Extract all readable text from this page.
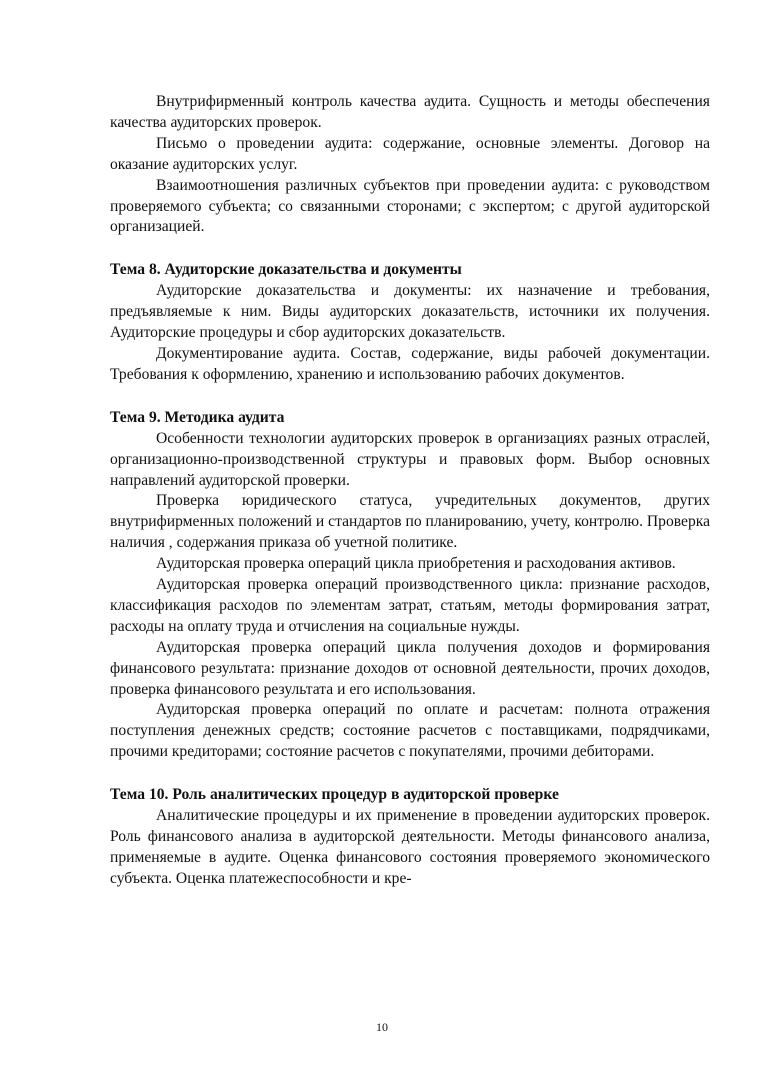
Внутрифирменный контроль качества аудита. Сущность и методы обеспечения качества аудиторских проверок.

Письмо о проведении аудита: содержание, основные элементы. Договор на оказание аудиторских услуг.

Взаимоотношения различных субъектов при проведении аудита: с руководством проверяемого субъекта; со связанными сторонами; с экспертом; с другой аудиторской организацией.

Тема 8. Аудиторские доказательства и документы

Аудиторские доказательства и документы: их назначение и требования, предъявляемые к ним. Виды аудиторских доказательств, источники их получения. Аудиторские процедуры и сбор аудиторских доказательств.

Документирование аудита. Состав, содержание, виды рабочей документации. Требования к оформлению, хранению и использованию рабочих документов.

Тема 9. Методика аудита

Особенности технологии аудиторских проверок в организациях разных отраслей, организационно-производственной структуры и правовых форм. Выбор основных направлений аудиторской проверки.

Проверка юридического статуса, учредительных документов, других внутрифирменных положений и стандартов по планированию, учету, контролю. Проверка наличия , содержания приказа об учетной политике.

Аудиторская проверка операций цикла приобретения и расходования активов.

Аудиторская проверка операций производственного цикла: признание расходов, классификация расходов по элементам затрат, статьям, методы формирования затрат, расходы на оплату труда и отчисления на социальные нужды.

Аудиторская проверка операций цикла получения доходов и формирования финансового результата: признание доходов от основной деятельности, прочих доходов, проверка финансового результата и его использования.

Аудиторская проверка операций по оплате и расчетам: полнота отражения поступления денежных средств; состояние расчетов с поставщиками, подрядчиками, прочими кредиторами; состояние расчетов с покупателями, прочими дебиторами.

Тема 10. Роль аналитических процедур в аудиторской проверке

Аналитические процедуры и их применение в проведении аудиторских проверок. Роль финансового анализа в аудиторской деятельности. Методы финансового анализа, применяемые в аудите. Оценка финансового состояния проверяемого экономического субъекта. Оценка платежеспособности и кре-

10
